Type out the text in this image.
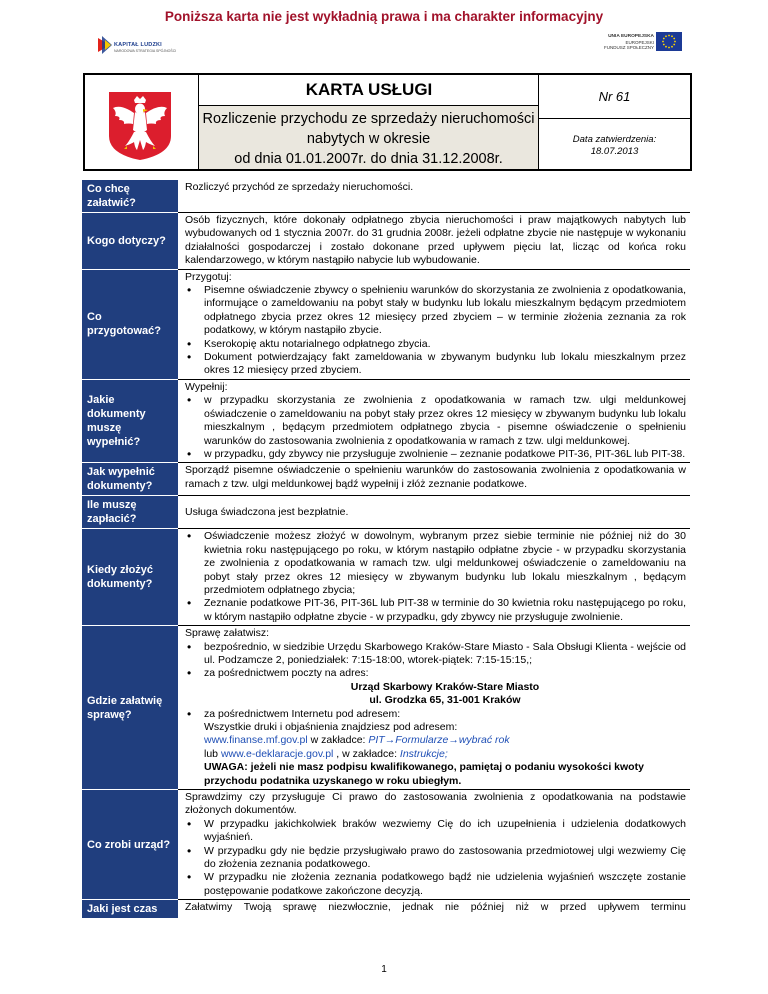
Poniższa karta nie jest wykładnią prawa i ma charakter informacyjny
KAPITAŁ LUDZKI
NARODOWA STRATEGIA SPÓJNOŚCI
UNIA EUROPEJSKA
EUROPEJSKI
FUNDUSZ SPOŁECZNY
KARTA USŁUGI
Rozliczenie przychodu ze sprzedaży nieruchomości
nabytych w okresie
od dnia 01.01.2007r. do dnia 31.12.2008r.
Nr 61
Data zatwierdzenia:
18.07.2013
Co chcę załatwić?

Rozliczyć przychód ze sprzedaży nieruchomości.

Kogo dotyczy?

Osób fizycznych, które dokonały odpłatnego zbycia nieruchomości i praw majątkowych nabytych lub wybudowanych od 1 stycznia 2007r. do 31 grudnia 2008r. jeżeli odpłatne zbycie nie następuje w wykonaniu działalności gospodarczej i zostało dokonane przed upływem pięciu lat, licząc od końca roku kalendarzowego, w którym nastąpiło nabycie lub wybudowanie.

Co przygotować?

Przygotuj:

• Pisemne oświadczenie zbywcy o spełnieniu warunków do skorzystania ze zwolnienia z opodatkowania, informujące o zameldowaniu na pobyt stały w budynku lub lokalu mieszkalnym będącym przedmiotem odpłatnego zbycia przez okres 12 miesięcy przed zbyciem – w terminie złożenia zeznania za rok podatkowy, w którym nastąpiło zbycie.
• Kserokopię aktu notarialnego odpłatnego zbycia.
• Dokument potwierdzający fakt zameldowania w zbywanym budynku lub lokalu mieszkalnym przez okres 12 miesięcy przed zbyciem.
Jakie dokumenty muszę wypełnić?

Wypełnij:

• w przypadku skorzystania ze zwolnienia z opodatkowania w ramach tzw. ulgi meldunkowej oświadczenie o zameldowaniu na pobyt stały przez okres 12 miesięcy w zbywanym budynku lub lokalu mieszkalnym , będącym przedmiotem odpłatnego zbycia - pisemne oświadczenie o spełnieniu warunków do zastosowania zwolnienia z opodatkowania w ramach z tzw. ulgi meldunkowej.
• w przypadku, gdy zbywcy nie przysługuje zwolnienie – zeznanie podatkowe PIT-36, PIT-36L lub PIT-38.
Jak wypełnić dokumenty?

Sporządź pisemne oświadczenie o spełnieniu warunków do zastosowania zwolnienia z opodatkowania w ramach z tzw. ulgi meldunkowej bądź wypełnij i złóż zeznanie podatkowe.

Ile muszę zapłacić?

Usługa świadczona jest bezpłatnie.

Kiedy złożyć dokumenty?
• Oświadczenie możesz złożyć w dowolnym, wybranym przez siebie terminie nie później niż do 30 kwietnia roku następującego po roku, w którym nastąpiło odpłatne zbycie - w przypadku skorzystania ze zwolnienia z opodatkowania w ramach tzw. ulgi meldunkowej oświadczenie o zameldowaniu na pobyt stały przez okres 12 miesięcy w zbywanym budynku lub lokalu mieszkalnym , będącym przedmiotem odpłatnego zbycia;
• Zeznanie podatkowe PIT-36, PIT-36L lub PIT-38 w terminie do 30 kwietnia roku następującego po roku, w którym nastąpiło odpłatne zbycie - w przypadku, gdy zbywcy nie przysługuje zwolnienie.
Gdzie załatwię sprawę?

Sprawę załatwisz:

• bezpośrednio, w siedzibie Urzędu Skarbowego Kraków-Stare Miasto - Sala Obsługi Klienta - wejście od ul. Podzamcze 2, poniedziałek: 7:15-18:00, wtorek-piątek: 7:15-15:15,;
• za pośrednictwem poczty na adres:
Urząd Skarbowy Kraków-Stare Miasto
ul. Grodzka 65, 31-001 Kraków
• za pośrednictwem Internetu pod adresem:
Wszystkie druki i objaśnienia znajdziesz pod adresem:
www.finanse.mf.gov.pl w zakładce: PIT→Formularze→wybrać rok
lub www.e-deklaracje.gov.pl , w zakładce: Instrukcje;
UWAGA: jeżeli nie masz podpisu kwalifikowanego, pamiętaj o podaniu wysokości kwoty przychodu podatnika uzyskanego w roku ubiegłym.
Co zrobi urząd?

Sprawdzimy czy przysługuje Ci prawo do zastosowania zwolnienia z opodatkowania na podstawie złożonych dokumentów.

• W przypadku jakichkolwiek braków wezwiemy Cię do ich uzupełnienia i udzielenia dodatkowych wyjaśnień.
• W przypadku gdy nie będzie przysługiwało prawo do zastosowania przedmiotowej ulgi wezwiemy Cię do złożenia zeznania podatkowego.
• W przypadku nie złożenia zeznania podatkowego bądź nie udzielenia wyjaśnień wszczęte zostanie postępowanie podatkowe zakończone decyzją.
Jaki jest czas	Załatwimy Twoją sprawę niezwłocznie, jednak nie później niż w przed upływem terminu

1
